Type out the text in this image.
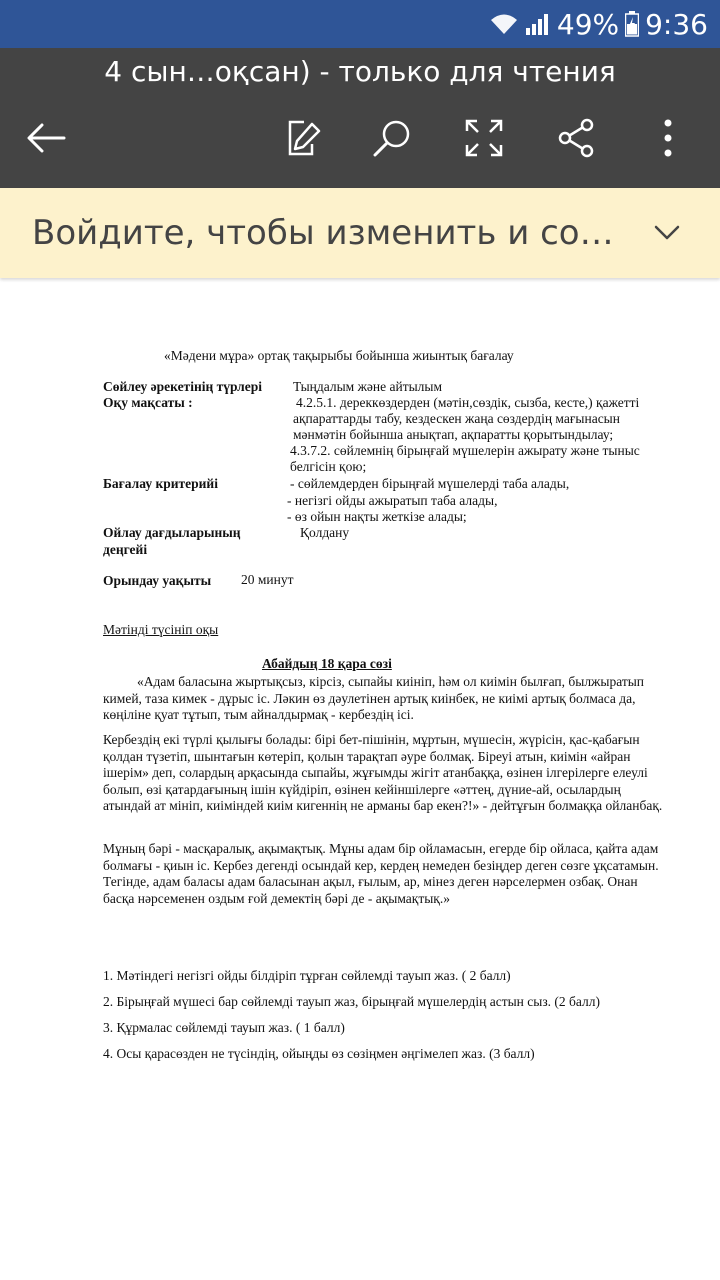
49% 9:36
4 сын…оқсан) - только для чтения
Войдите, чтобы изменить и со…
«Мәдени мұра» ортақ тақырыбы бойынша жиынтық бағалау
Сөйлеу әрекетінің түрлері Тыңдалым және айтылым
Оқу мақсаты :	4.2.5.1. дереккөздерден (мәтін,сөздік, сызба, кесте,) қажетті
ақпараттарды табу, кездескен жаңа сөздердің мағынасын
мәнмәтін бойынша анықтап, ақпаратты қорытындылау;
4.3.7.2. сөйлемнің бірыңғай мүшелерін ажырату және тыныс
белгісін қою;
Бағалау критерийі	- сөйлемдерден бірыңғай мүшелерді таба алады,
- негізгі ойды ажыратып таба алады,
- өз ойын нақты жеткізе алады;
Ойлау дағдыларының
деңгейі
Қолдану
Орындау уақыты 20 минут
Мәтінді түсініп оқы
Абайдың 18 қара сөзі
«Адам баласына жыртықсыз, кірсіз, сыпайы киініп, һәм ол киімін былғап, былжыратып кимей, таза кимек - дұрыс іс. Ләкин өз дәулетінен артық киінбек, не киімі артық болмаса да, көңіліне қуат тұтып, тым айналдырмақ - кербездің ісі.
Кербездің екі түрлі қылығы болады: бірі бет-пішінін, мұртын, мүшесін, жүрісін, қас-қабағын қолдан түзетіп, шынтағын көтеріп, қолын тарақтап әуре болмақ. Біреуі атын, киімін «айран ішерім» деп, солардың арқасында сыпайы, жұғымды жігіт атанбаққа, өзінен ілгерілерге елеулі болып, өзі қатардағының ішін күйдіріп, өзінен кейіншілерге «әттең, дүние-ай, осылардың атындай ат мініп, киіміндей киім кигеннің не арманы бар екен?!» - дейтұғын болмаққа ойланбақ.
Мұның бәрі - масқаралық, ақымақтық. Мұны адам бір ойламасын, егерде бір ойласа, қайта адам болмағы - қиын іс. Кербез дегенді осындай кер, кердең немеден безіңдер деген сөзге ұқсатамын. Тегінде, адам баласы адам баласынан ақыл, ғылым, ар, мінез деген нәрселермен озбақ. Онан басқа нәрсеменен оздым ғой демектің бәрі де - ақымақтық.»
1. Мәтіндегі негізгі ойды білдіріп тұрған сөйлемді тауып жаз. ( 2 балл)
2. Бірыңғай мүшесі бар сөйлемді тауып жаз, бірыңғай мүшелердің астын сыз. (2 балл)
3. Құрмалас сөйлемді тауып жаз. ( 1 балл)
4. Осы қарасөзден не түсіндің, ойыңды өз сөзіңмен әңгімелеп жаз. (3 балл)
